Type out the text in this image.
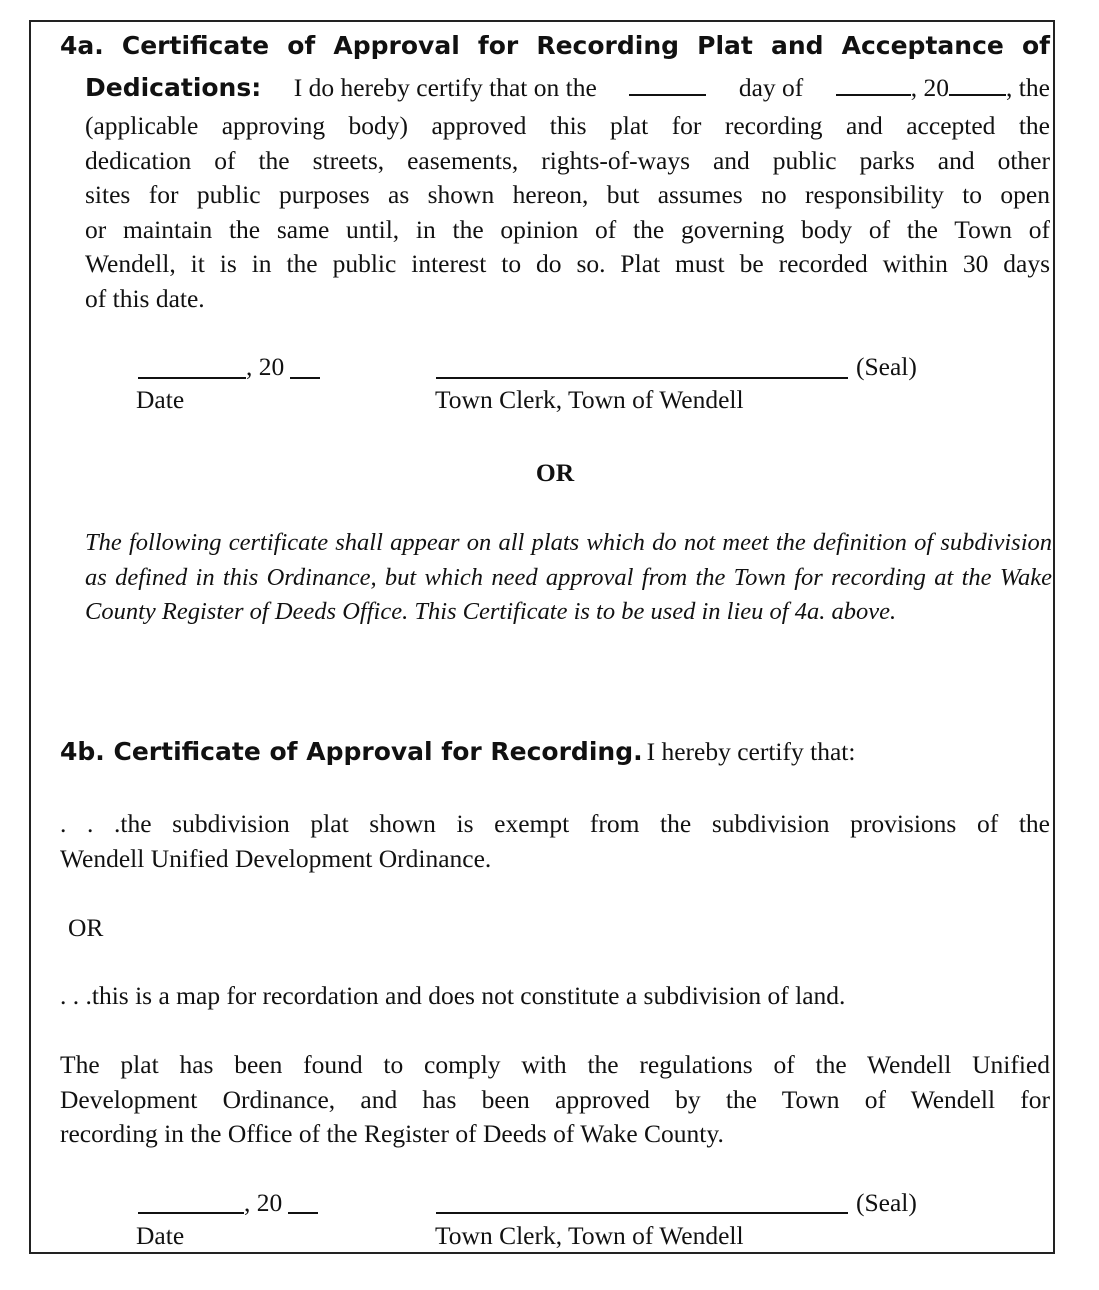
4a. Certificate of Approval for Recording Plat and Acceptance of
Dedications: I do hereby certify that on the	day of	, 20 , the
(applicable approving body) approved this plat for recording and accepted the
dedication of the streets, easements, rights-of-ways and public parks and other
sites for public purposes as shown hereon, but assumes no responsibility to open
or maintain the same until, in the opinion of the governing body of the Town of
Wendell, it is in the public interest to do so. Plat must be recorded within 30 days
of this date.
, 20	(Seal)
Date	Town Clerk, Town of Wendell
OR
The following certificate shall appear on all plats which do not meet the definition of subdivision
as defined in this Ordinance, but which need approval from the Town for recording at the Wake
County Register of Deeds Office. This Certificate is to be used in lieu of 4a. above.
4b. Certificate of Approval for Recording. I hereby certify that:
. . .the subdivision plat shown is exempt from the subdivision provisions of the
Wendell Unified Development Ordinance.
OR
. . .this is a map for recordation and does not constitute a subdivision of land.
The plat has been found to comply with the regulations of the Wendell Unified
Development Ordinance, and has been approved by the Town of Wendell for
recording in the Office of the Register of Deeds of Wake County.
, 20	(Seal)
Date	Town Clerk, Town of Wendell
